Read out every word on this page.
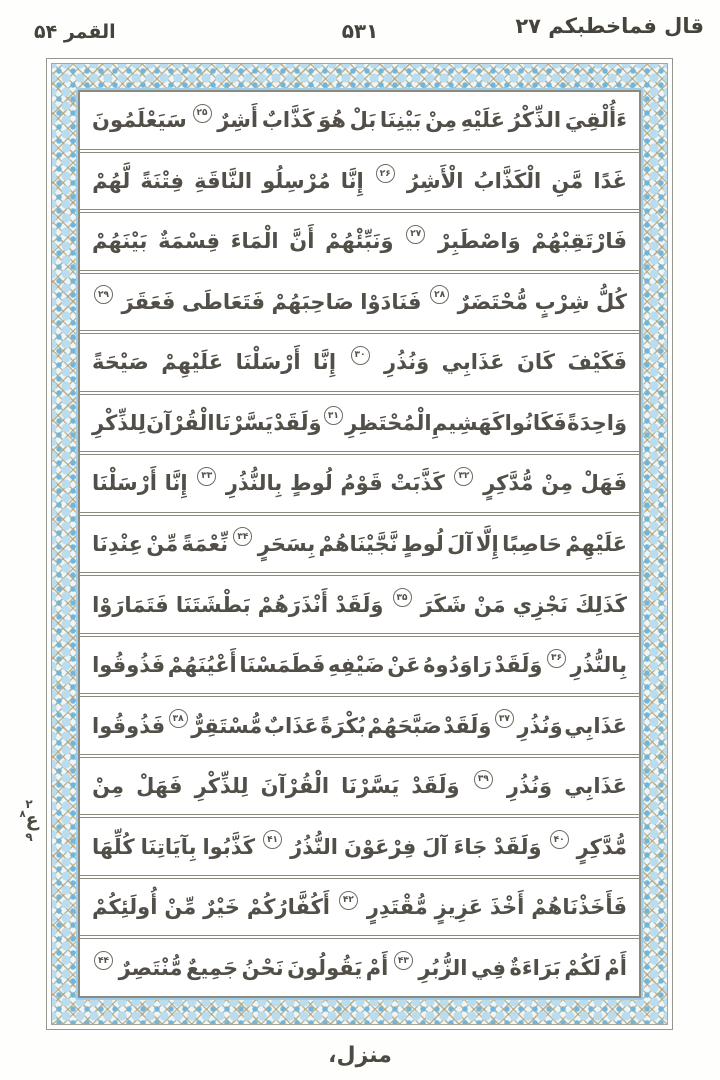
قال فماخطبكم ۲۷
۵۳۱
القمر ۵۴
ءَأُلْقِيَ
الذِّكْرُ
عَلَيْهِ
مِنْ
بَيْنِنَا
بَلْ
هُوَ
كَذَّابٌ
أَشِرٌ
۲۵
سَيَعْلَمُونَ
غَدًا
مَّنِ
الْكَذَّابُ
الْأَشِرُ
۲۶
إِنَّا
مُرْسِلُو
النَّاقَةِ
فِتْنَةً
لَّهُمْ
فَارْتَقِبْهُمْ
وَاصْطَبِرْ
۲۷
وَنَبِّئْهُمْ
أَنَّ
الْمَاءَ
قِسْمَةٌ
بَيْنَهُمْ
كُلُّ
شِرْبٍ
مُّحْتَضَرٌ
۲۸
فَنَادَوْا
صَاحِبَهُمْ
فَتَعَاطَى
فَعَقَرَ
۲۹
فَكَيْفَ
كَانَ
عَذَابِي
وَنُذُرِ
۳۰
إِنَّا
أَرْسَلْنَا
عَلَيْهِمْ
صَيْحَةً
وَاحِدَةً
فَكَانُوا
كَهَشِيمِ
الْمُحْتَظِرِ
۳۱
وَلَقَدْ
يَسَّرْنَا
الْقُرْآنَ
لِلذِّكْرِ
فَهَلْ
مِنْ
مُّدَّكِرٍ
۳۲
كَذَّبَتْ
قَوْمُ
لُوطٍ
بِالنُّذُرِ
۳۳
إِنَّا
أَرْسَلْنَا
عَلَيْهِمْ
حَاصِبًا
إِلَّا
آلَ
لُوطٍ
نَّجَّيْنَاهُمْ
بِسَحَرٍ
۳۴
نِّعْمَةً
مِّنْ
عِنْدِنَا
كَذَلِكَ
نَجْزِي
مَنْ
شَكَرَ
۳۵
وَلَقَدْ
أَنْذَرَهُمْ
بَطْشَتَنَا
فَتَمَارَوْا
بِالنُّذُرِ
۳۶
وَلَقَدْ
رَاوَدُوهُ
عَنْ
ضَيْفِهِ
فَطَمَسْنَا
أَعْيُنَهُمْ
فَذُوقُوا
عَذَابِي
وَنُذُرِ
۳۷
وَلَقَدْ
صَبَّحَهُمْ
بُكْرَةً
عَذَابٌ
مُّسْتَقِرٌّ
۳۸
فَذُوقُوا
عَذَابِي
وَنُذُرِ
۳۹
وَلَقَدْ
يَسَّرْنَا
الْقُرْآنَ
لِلذِّكْرِ
فَهَلْ
مِنْ
مُّدَّكِرٍ
۴۰
وَلَقَدْ
جَاءَ
آلَ
فِرْعَوْنَ
النُّذُرُ
۴۱
كَذَّبُوا
بِآيَاتِنَا
كُلِّهَا
فَأَخَذْنَاهُمْ
أَخْذَ
عَزِيزٍ
مُّقْتَدِرٍ
۴۲
أَكُفَّارُكُمْ
خَيْرٌ
مِّنْ
أُولَئِكُمْ
أَمْ
لَكُمْ
بَرَاءَةٌ
فِي
الزُّبُرِ
۴۳
أَمْ
يَقُولُونَ
نَحْنُ
جَمِيعٌ
مُّنْتَصِرٌ
۴۴
۲
ع
۸
۹
منزل،
